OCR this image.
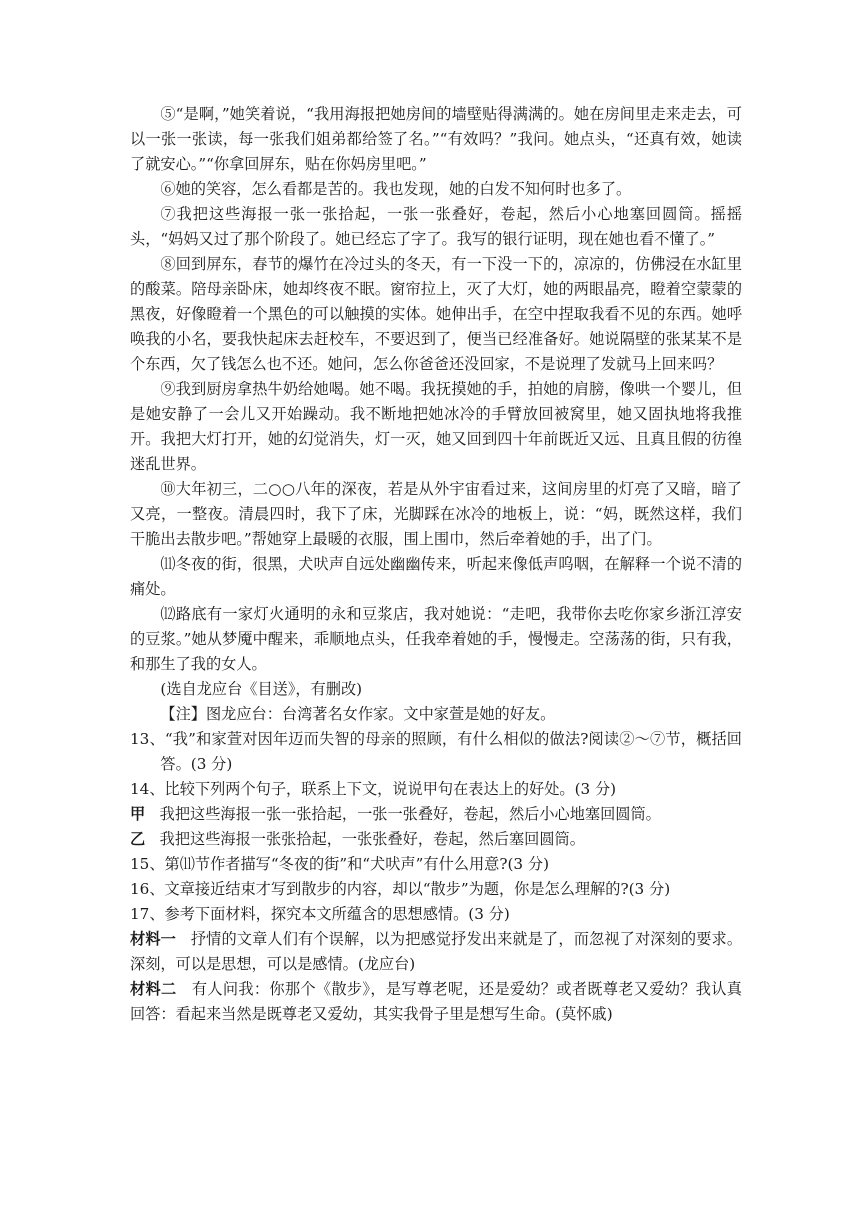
⑤“是啊，”她笑着说，“我用海报把她房间的墙壁贴得满满的。她在房间里走来走去，可以一张一张读，每一张我们姐弟都给签了名。”“有效吗？”我问。她点头，“还真有效，她读了就安心。”“你拿回屏东，贴在你妈房里吧。”

⑥她的笑容，怎么看都是苦的。我也发现，她的白发不知何时也多了。

⑦我把这些海报一张一张拾起，一张一张叠好，卷起，然后小心地塞回圆筒。摇摇头，“妈妈又过了那个阶段了。她已经忘了字了。我写的银行证明，现在她也看不懂了。”

⑧回到屏东，春节的爆竹在冷过头的冬天，有一下没一下的，凉凉的，仿佛浸在水缸里的酸菜。陪母亲卧床，她却终夜不眠。窗帘拉上，灭了大灯，她的两眼晶亮，瞪着空蒙蒙的黑夜，好像瞪着一个黑色的可以触摸的实体。她伸出手，在空中捏取我看不见的东西。她呼唤我的小名，要我快起床去赶校车，不要迟到了，便当已经准备好。她说隔壁的张某某不是个东西，欠了钱怎么也不还。她问，怎么你爸爸还没回家，不是说理了发就马上回来吗？

⑨我到厨房拿热牛奶给她喝。她不喝。我抚摸她的手，拍她的肩膀，像哄一个婴儿，但是她安静了一会儿又开始躁动。我不断地把她冰冷的手臂放回被窝里，她又固执地将我推开。我把大灯打开，她的幻觉消失，灯一灭，她又回到四十年前既近又远、且真且假的彷徨迷乱世界。

⑩大年初三，二○○八年的深夜，若是从外宇宙看过来，这间房里的灯亮了又暗，暗了又亮，一整夜。清晨四时，我下了床，光脚踩在冰冷的地板上，说：“妈，既然这样，我们干脆出去散步吧。”帮她穿上最暖的衣服，围上围巾，然后牵着她的手，出了门。

⑾冬夜的街，很黑，犬吠声自远处幽幽传来，听起来像低声呜咽，在解释一个说不清的痛处。

⑿路底有一家灯火通明的永和豆浆店，我对她说：“走吧，我带你去吃你家乡浙江淳安的豆浆。”她从梦魇中醒来，乖顺地点头，任我牵着她的手，慢慢走。空荡荡的街，只有我，和那生了我的女人。

(选自龙应台《目送》，有删改)

【注】图龙应台：台湾著名女作家。文中家萱是她的好友。

13、“我”和家萱对因年迈而失智的母亲的照顾，有什么相似的做法?阅读②～⑦节，概括回答。(3 分)

14、比较下列两个句子，联系上下文，说说甲句在表达上的好处。(3 分)

甲 我把这些海报一张一张拾起，一张一张叠好，卷起，然后小心地塞回圆筒。

乙 我把这些海报一张张拾起，一张张叠好，卷起，然后塞回圆筒。

15、第⑾节作者描写“冬夜的街”和“犬吠声”有什么用意?(3 分)

16、文章接近结束才写到散步的内容，却以“散步”为题，你是怎么理解的?(3 分)

17、参考下面材料，探究本文所蕴含的思想感情。(3 分)

材料一 抒情的文章人们有个误解，以为把感觉抒发出来就是了，而忽视了对深刻的要求。深刻，可以是思想，可以是感情。(龙应台)

材料二 有人问我：你那个《散步》，是写尊老呢，还是爱幼？或者既尊老又爱幼？我认真回答：看起来当然是既尊老又爱幼，其实我骨子里是想写生命。(莫怀戚)
